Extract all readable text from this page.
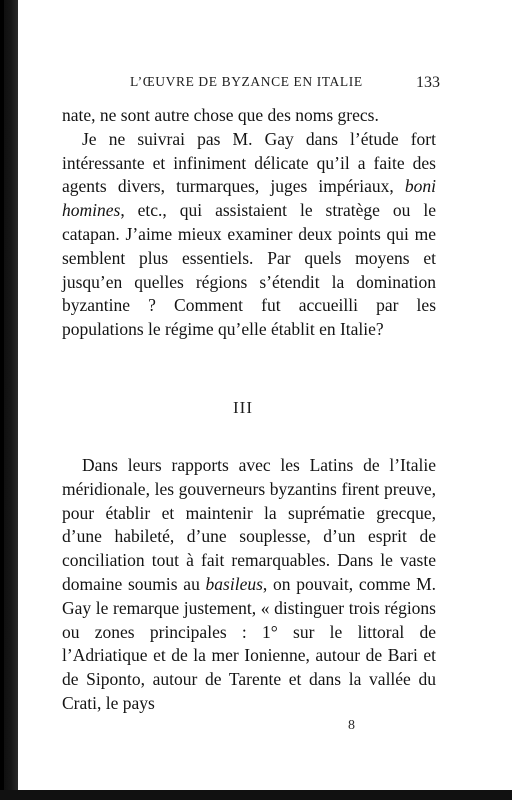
L’ŒUVRE DE BYZANCE EN ITALIE	133

nate, ne sont autre chose que des noms grecs.

Je ne suivrai pas M. Gay dans l’étude fort intéressante et infiniment délicate qu’il a faite des agents divers, turmarques, juges impériaux, boni homines, etc., qui assistaient le stratège ou le catapan. J’aime mieux examiner deux points qui me semblent plus essentiels. Par quels moyens et jusqu’en quelles régions s’étendit la domination byzantine ? Comment fut accueilli par les populations le régime qu’elle établit en Italie?

III

Dans leurs rapports avec les Latins de l’Italie méridionale, les gouverneurs byzantins firent preuve, pour établir et maintenir la suprématie grecque, d’une habileté, d’une souplesse, d’un esprit de conciliation tout à fait remarquables. Dans le vaste domaine soumis au basileus, on pouvait, comme M. Gay le remarque justement, « distinguer trois régions ou zones principales : 1° sur le littoral de l’Adriatique et de la mer Ionienne, autour de Bari et de Siponto, autour de Tarente et dans la vallée du Crati, le pays

8
